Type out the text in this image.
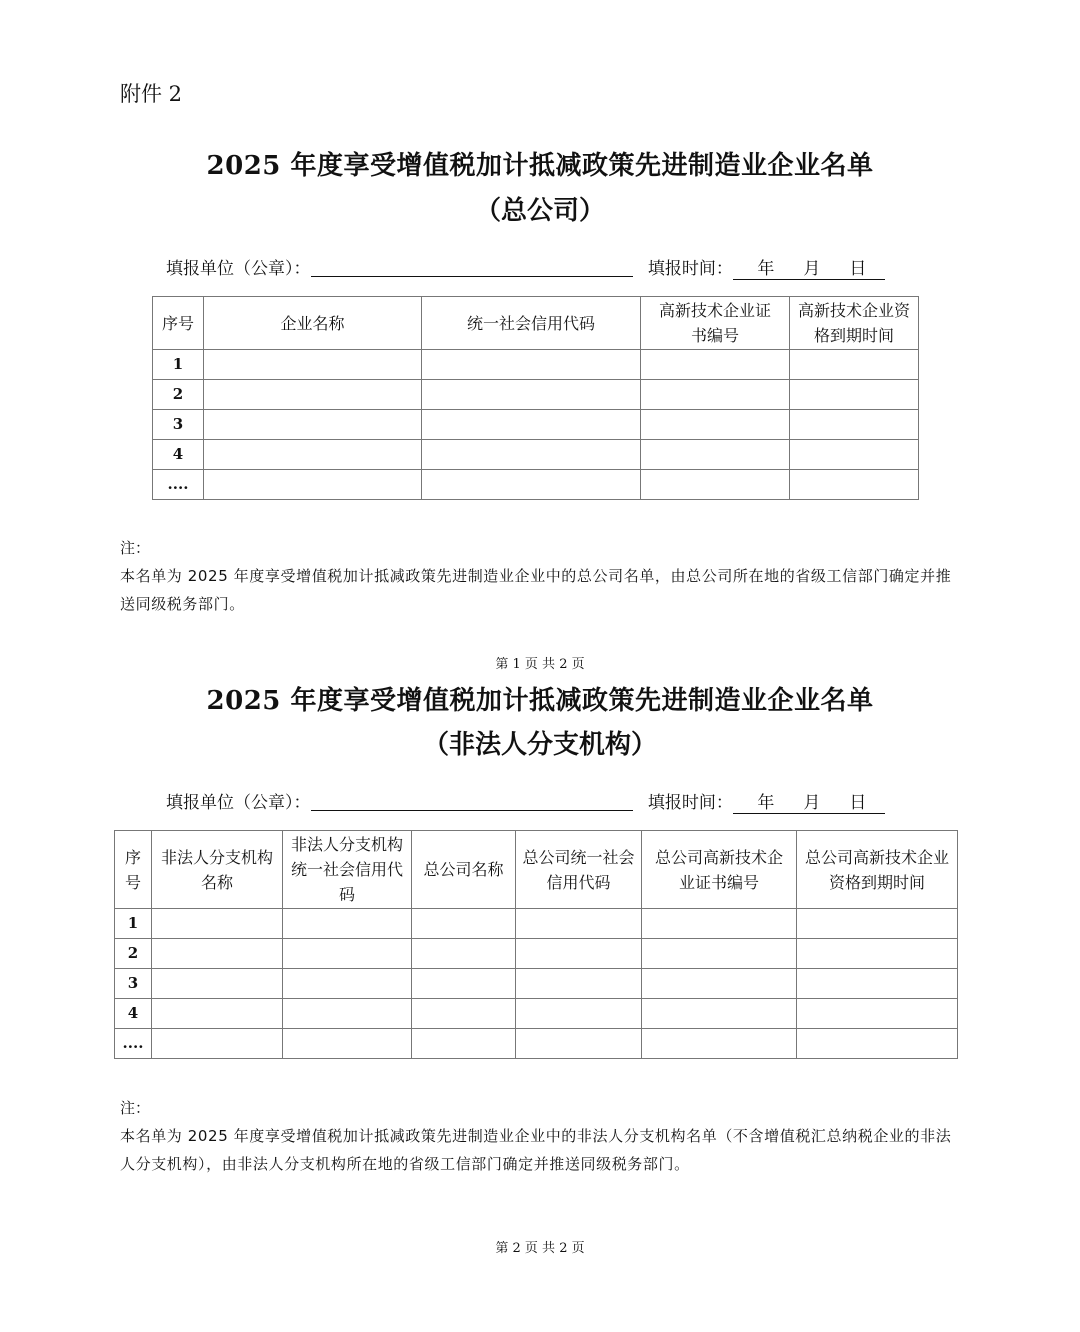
附件 2
2025 年度享受增值税加计抵减政策先进制造业企业名单
（总公司）
填报单位（公章）：	填报时间： 年 月 日
序号	企业名称	统一社会信用代码	高新技术企业证书编号	高新技术企业资格到期时间
1				
2				
3				
4				
....				
注：
本名单为 2025 年度享受增值税加计抵减政策先进制造业企业中的总公司名单，由总公司所在地的省级工信部门确定并推送同级税务部门。
第 1 页 共 2 页
2025 年度享受增值税加计抵减政策先进制造业企业名单
（非法人分支机构）
填报单位（公章）：	填报时间： 年 月 日
序号	非法人分支机构名称	非法人分支机构统一社会信用代码	总公司名称	总公司统一社会信用代码	总公司高新技术企业证书编号	总公司高新技术企业资格到期时间
1						
2						
3						
4						
....						
注：
本名单为 2025 年度享受增值税加计抵减政策先进制造业企业中的非法人分支机构名单（不含增值税汇总纳税企业的非法人分支机构），由非法人分支机构所在地的省级工信部门确定并推送同级税务部门。
第 2 页 共 2 页
